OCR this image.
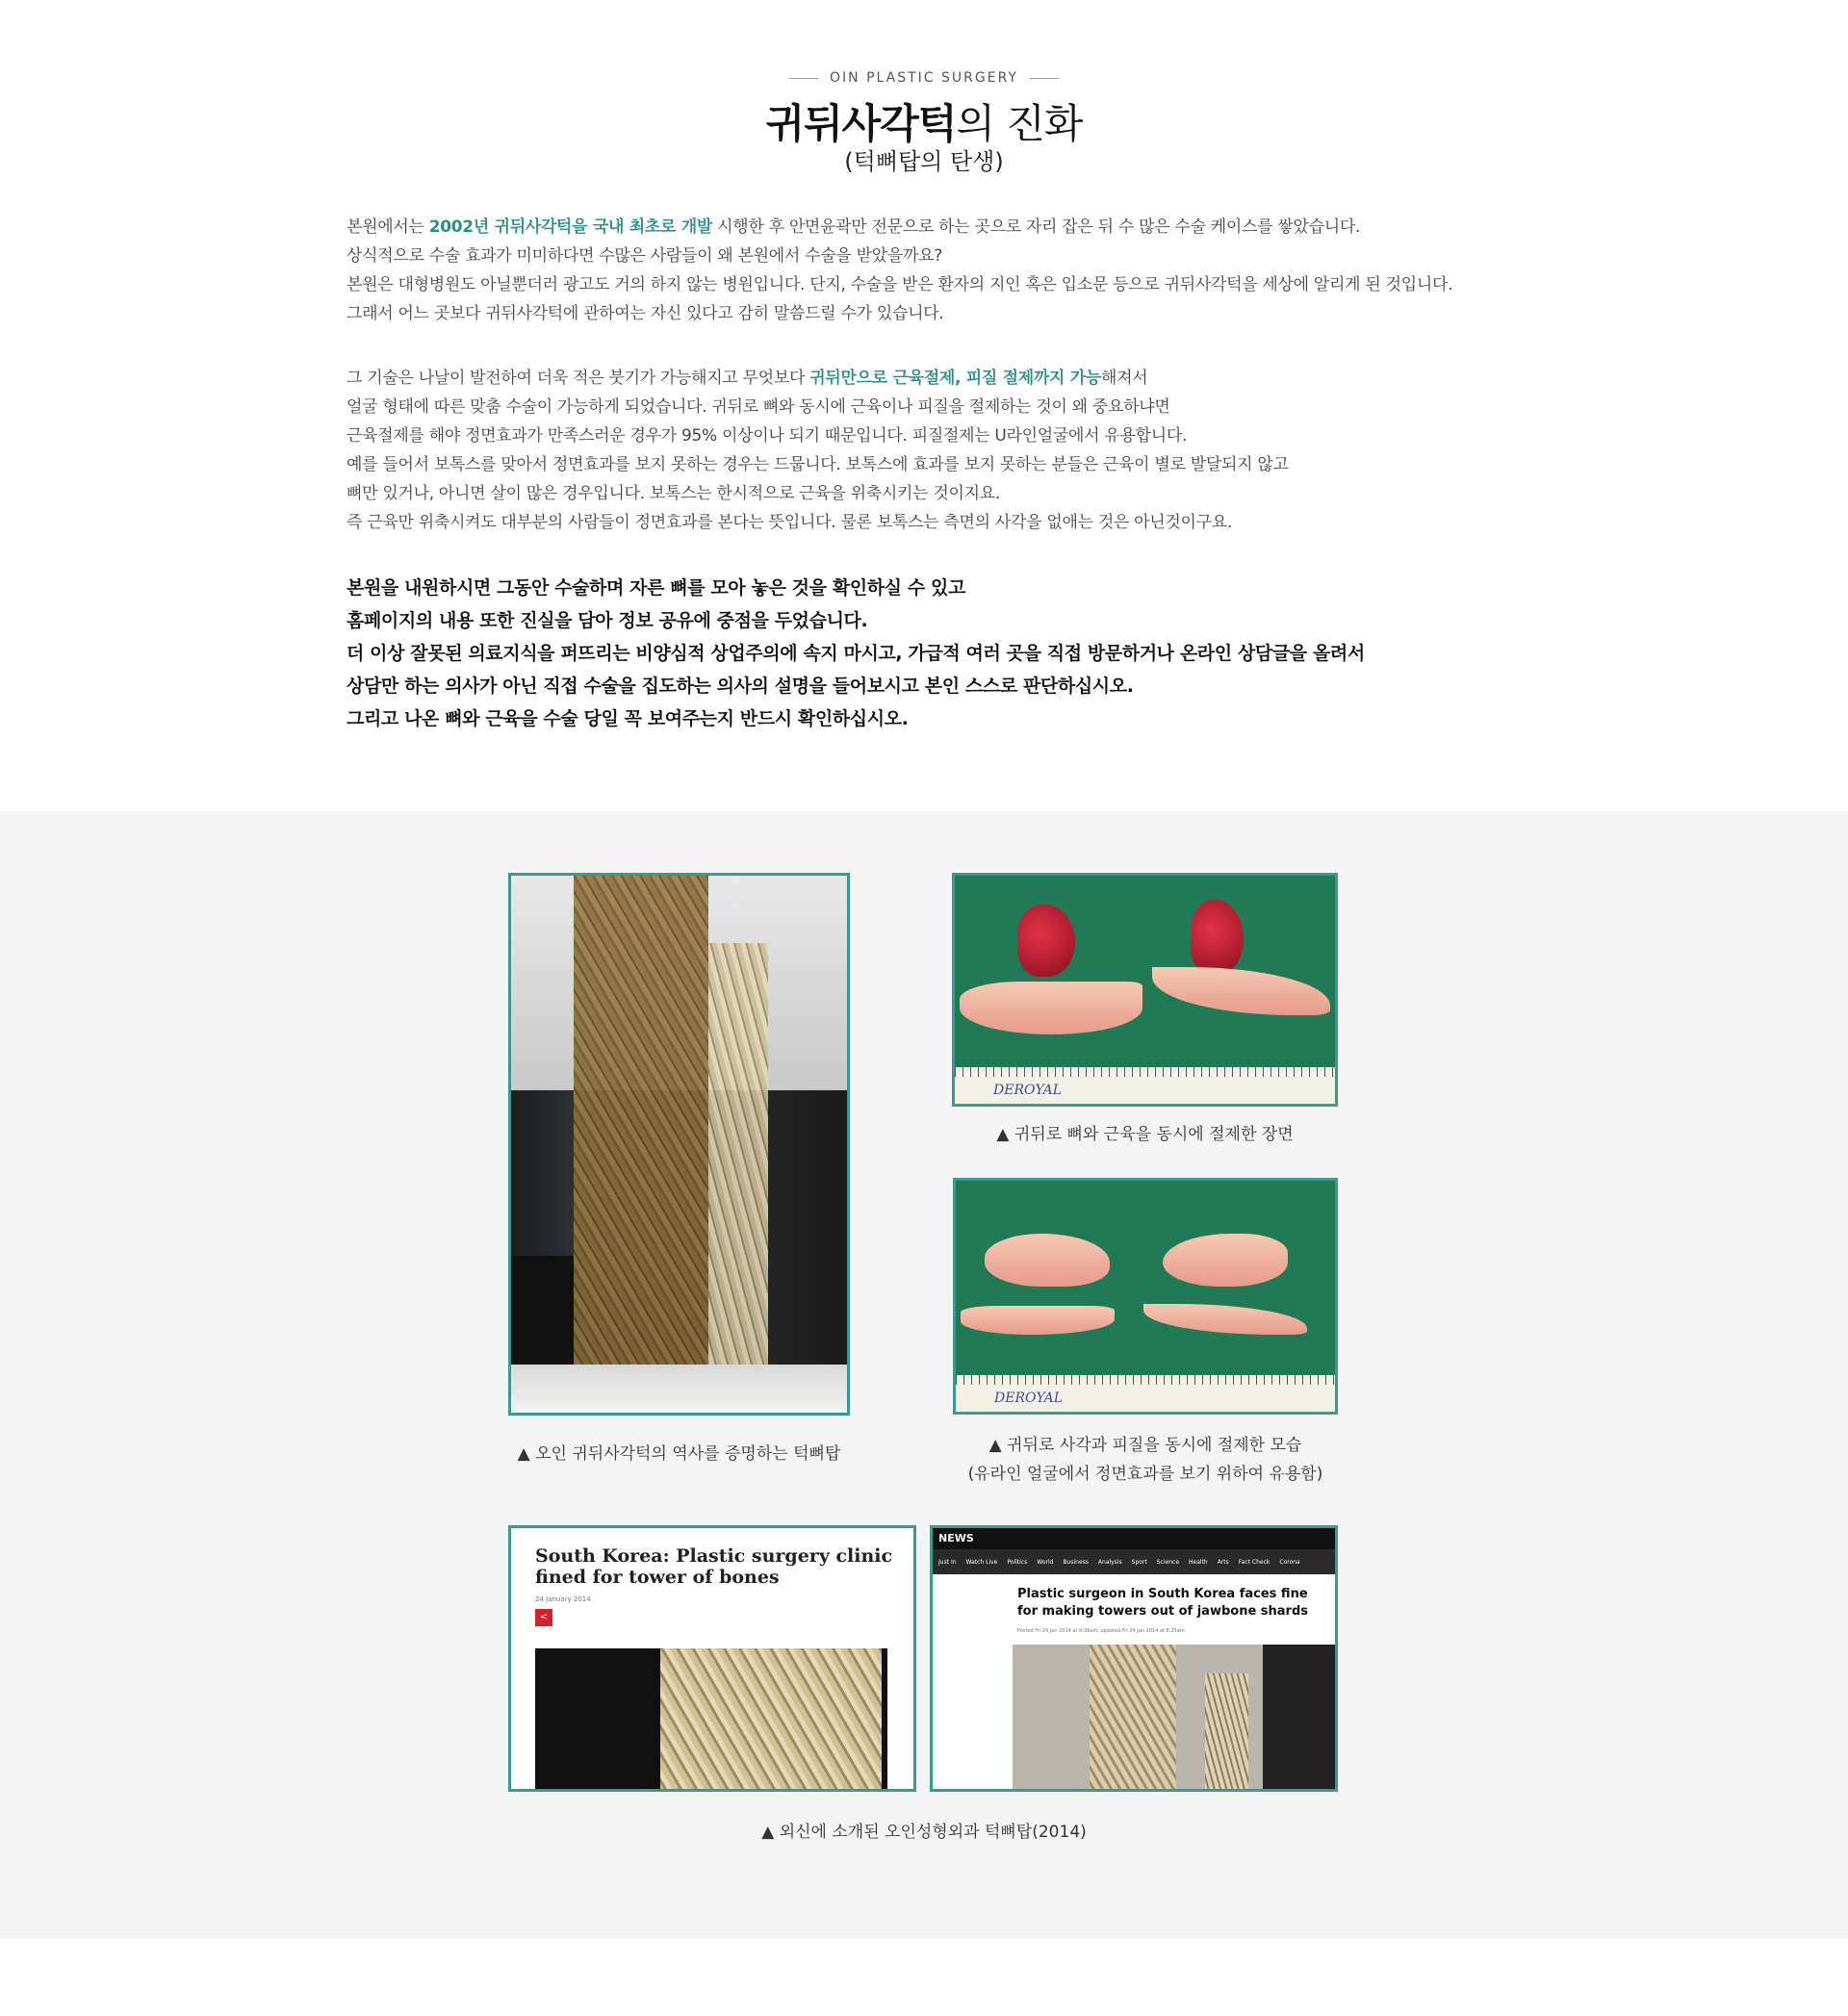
OIN PLASTIC SURGERY
귀뒤사각턱의 진화
(턱뼈탑의 탄생)
본원에서는 2002년 귀뒤사각턱을 국내 최초로 개발 시행한 후 안면윤곽만 전문으로 하는 곳으로 자리 잡은 뒤 수 많은 수술 케이스를 쌓았습니다.
상식적으로 수술 효과가 미미하다면 수많은 사람들이 왜 본원에서 수술을 받았을까요?
본원은 대형병원도 아닐뿐더러 광고도 거의 하지 않는 병원입니다. 단지, 수술을 받은 환자의 지인 혹은 입소문 등으로 귀뒤사각턱을 세상에 알리게 된 것입니다.
그래서 어느 곳보다 귀뒤사각턱에 관하여는 자신 있다고 감히 말씀드릴 수가 있습니다.
그 기술은 나날이 발전하여 더욱 적은 붓기가 가능해지고 무엇보다 귀뒤만으로 근육절제, 피질 절제까지 가능해져서
얼굴 형태에 따른 맞춤 수술이 가능하게 되었습니다. 귀뒤로 뼈와 동시에 근육이나 피질을 절제하는 것이 왜 중요하냐면
근육절제를 해야 정면효과가 만족스러운 경우가 95% 이상이나 되기 때문입니다. 피질절제는 U라인얼굴에서 유용합니다.
예를 들어서 보톡스를 맞아서 정면효과를 보지 못하는 경우는 드뭅니다. 보톡스에 효과를 보지 못하는 분들은 근육이 별로 발달되지 않고
뼈만 있거나, 아니면 살이 많은 경우입니다. 보톡스는 한시적으로 근육을 위축시키는 것이지요.
즉 근육만 위축시켜도 대부분의 사람들이 정면효과를 본다는 뜻입니다. 물론 보톡스는 측면의 사각을 없애는 것은 아닌것이구요.
본원을 내원하시면 그동안 수술하며 자른 뼈를 모아 놓은 것을 확인하실 수 있고
홈페이지의 내용 또한 진실을 담아 정보 공유에 중점을 두었습니다.
더 이상 잘못된 의료지식을 퍼뜨리는 비양심적 상업주의에 속지 마시고, 가급적 여러 곳을 직접 방문하거나 온라인 상담글을 올려서
상담만 하는 의사가 아닌 직접 수술을 집도하는 의사의 설명을 들어보시고 본인 스스로 판단하십시오.
그리고 나온 뼈와 근육을 수술 당일 꼭 보여주는지 반드시 확인하십시오.
▲ 오인 귀뒤사각턱의 역사를 증명하는 턱뼈탑
DEROYAL
▲ 귀뒤로 뼈와 근육을 동시에 절제한 장면
DEROYAL
▲ 귀뒤로 사각과 피질을 동시에 절제한 모습
(유라인 얼굴에서 정면효과를 보기 위하여 유용함)
South Korea: Plastic surgery clinic fined for tower of bones
24 January 2014
<
NEWS
Just In Watch Live Politics World Business Analysis Sport Science Health Arts Fact Check Corona
Plastic surgeon in South Korea faces fine for making towers out of jawbone shards
Posted Fri 24 Jan 2014 at 9:38am, updated Fri 24 Jan 2014 at 8:25am
▲ 외신에 소개된 오인성형외과 턱뼈탑(2014)
